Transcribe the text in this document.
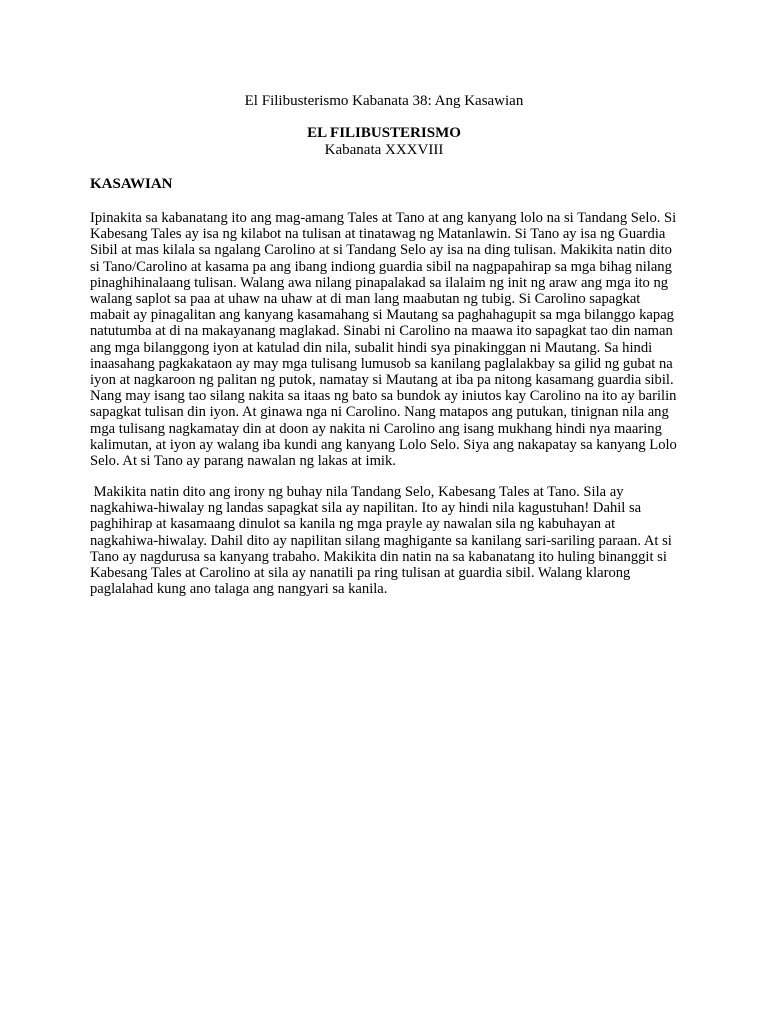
El Filibusterismo Kabanata 38: Ang Kasawian
EL FILIBUSTERISMO
Kabanata XXXVIII
KASAWIAN

Ipinakita sa kabanatang ito ang mag-amang Tales at Tano at ang kanyang lolo na si Tandang Selo. Si Kabesang Tales ay isa ng kilabot na tulisan at tinatawag ng Matanlawin. Si Tano ay isa ng Guardia Sibil at mas kilala sa ngalang Carolino at si Tandang Selo ay isa na ding tulisan. Makikita natin dito si Tano/Carolino at kasama pa ang ibang indiong guardia sibil na nagpapahirap sa mga bihag nilang pinaghihinalaang tulisan. Walang awa nilang pinapalakad sa ilalaim ng init ng araw ang mga ito ng walang saplot sa paa at uhaw na uhaw at di man lang maabutan ng tubig. Si Carolino sapagkat mabait ay pinagalitan ang kanyang kasamahang si Mautang sa paghahagupit sa mga bilanggo kapag natutumba at di na makayanang maglakad. Sinabi ni Carolino na maawa ito sapagkat tao din naman ang mga bilanggong iyon at katulad din nila, subalit hindi sya pinakinggan ni Mautang. Sa hindi inaasahang pagkakataon ay may mga tulisang lumusob sa kanilang paglalakbay sa gilid ng gubat na iyon at nagkaroon ng palitan ng putok, namatay si Mautang at iba pa nitong kasamang guardia sibil. Nang may isang tao silang nakita sa itaas ng bato sa bundok ay iniutos kay Carolino na ito ay barilin sapagkat tulisan din iyon. At ginawa nga ni Carolino. Nang matapos ang putukan, tinignan nila ang mga tulisang nagkamatay din at doon ay nakita ni Carolino ang isang mukhang hindi nya maaring kalimutan, at iyon ay walang iba kundi ang kanyang Lolo Selo. Siya ang nakapatay sa kanyang Lolo Selo. At si Tano ay parang nawalan ng lakas at imik.

Makikita natin dito ang irony ng buhay nila Tandang Selo, Kabesang Tales at Tano. Sila ay nagkahiwa-hiwalay ng landas sapagkat sila ay napilitan. Ito ay hindi nila kagustuhan! Dahil sa paghihirap at kasamaang dinulot sa kanila ng mga prayle ay nawalan sila ng kabuhayan at nagkahiwa-hiwalay. Dahil dito ay napilitan silang maghigante sa kanilang sari-sariling paraan. At si Tano ay nagdurusa sa kanyang trabaho. Makikita din natin na sa kabanatang ito huling binanggit si Kabesang Tales at Carolino at sila ay nanatili pa ring tulisan at guardia sibil. Walang klarong paglalahad kung ano talaga ang nangyari sa kanila.
